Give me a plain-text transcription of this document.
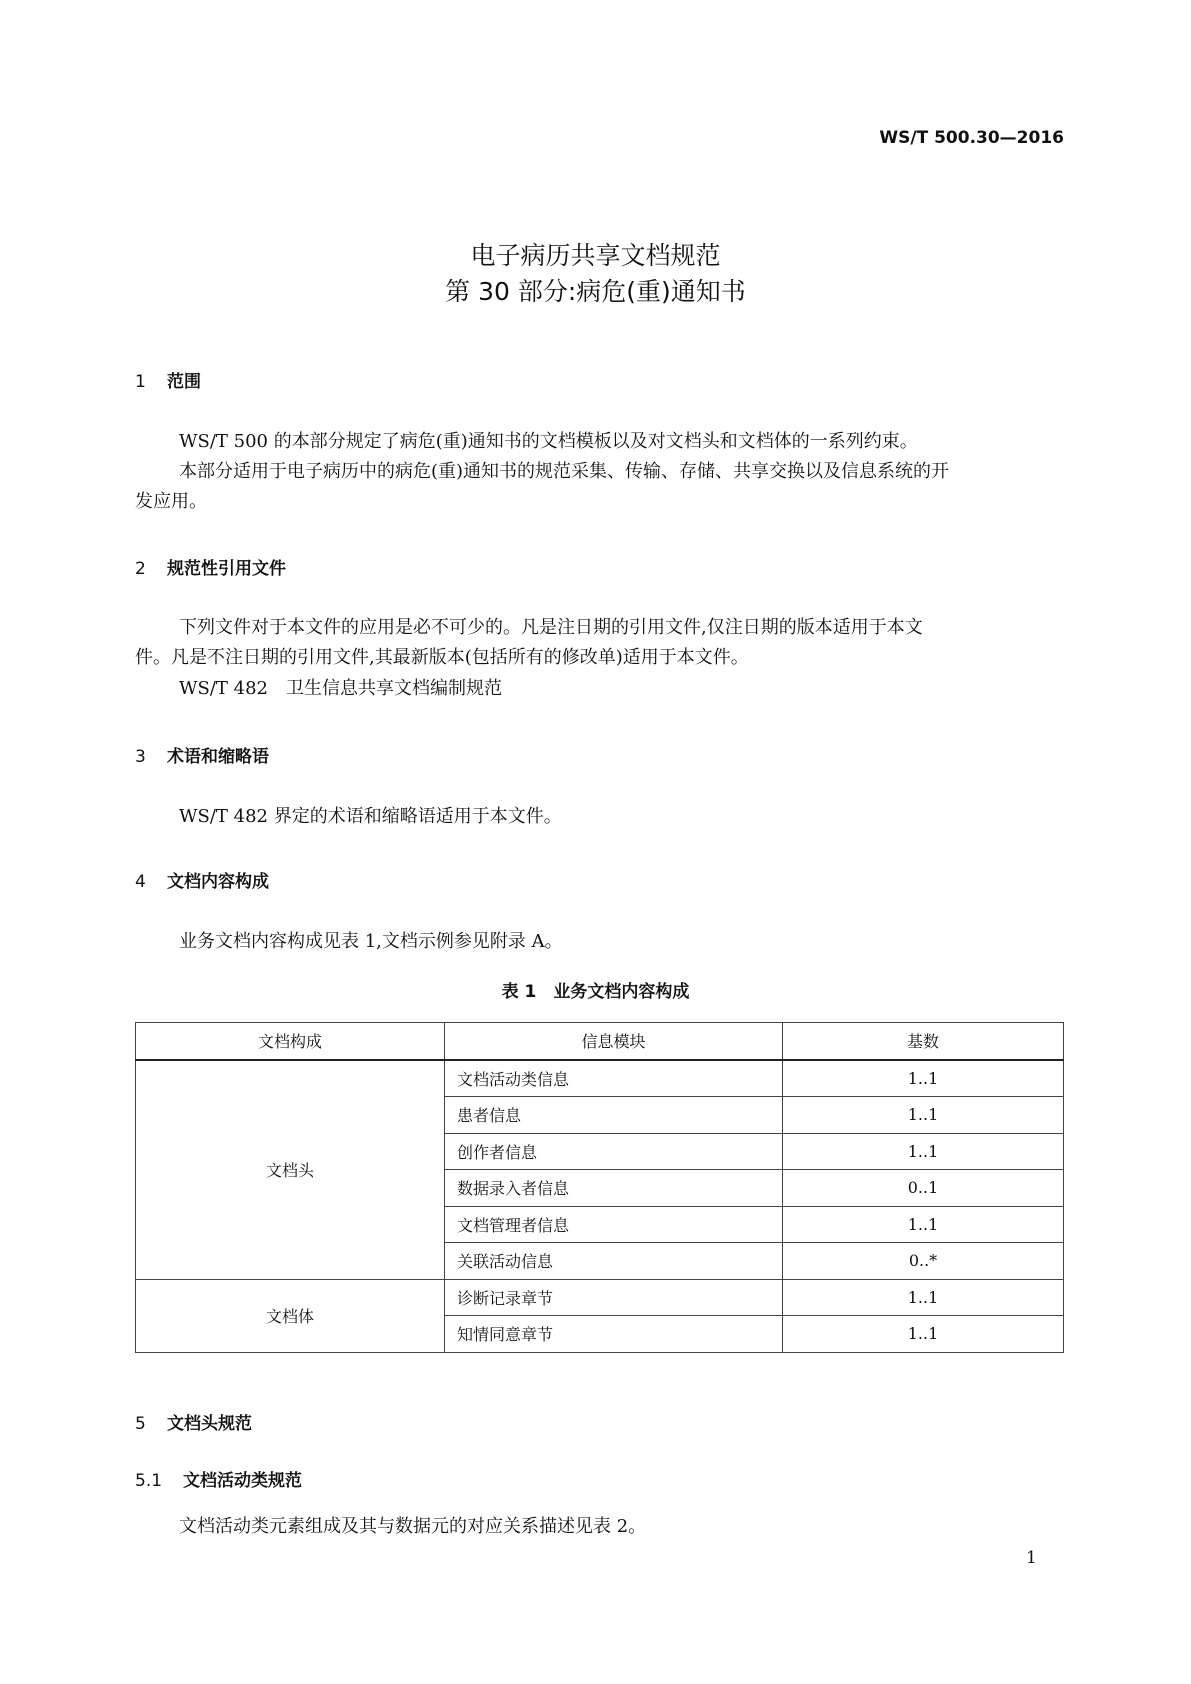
WS/T 500.30—2016
电子病历共享文档规范
第 30 部分:病危(重)通知书
1 范围
WS/T 500 的本部分规定了病危(重)通知书的文档模板以及对文档头和文档体的一系列约束。
本部分适用于电子病历中的病危(重)通知书的规范采集、传输、存储、共享交换以及信息系统的开
发应用。
2 规范性引用文件
下列文件对于本文件的应用是必不可少的。凡是注日期的引用文件,仅注日期的版本适用于本文
件。凡是不注日期的引用文件,其最新版本(包括所有的修改单)适用于本文件。
WS/T 482　卫生信息共享文档编制规范
3 术语和缩略语
WS/T 482 界定的术语和缩略语适用于本文件。
4 文档内容构成
业务文档内容构成见表 1,文档示例参见附录 A。
表 1　业务文档内容构成
文档构成	信息模块	基数
文档头	文档活动类信息	1..1
	患者信息	1..1
	创作者信息	1..1
	数据录入者信息	0..1
	文档管理者信息	1..1
	关联活动信息	0..*
文档体	诊断记录章节	1..1
	知情同意章节	1..1
5 文档头规范
5.1 文档活动类规范
文档活动类元素组成及其与数据元的对应关系描述见表 2。
1
